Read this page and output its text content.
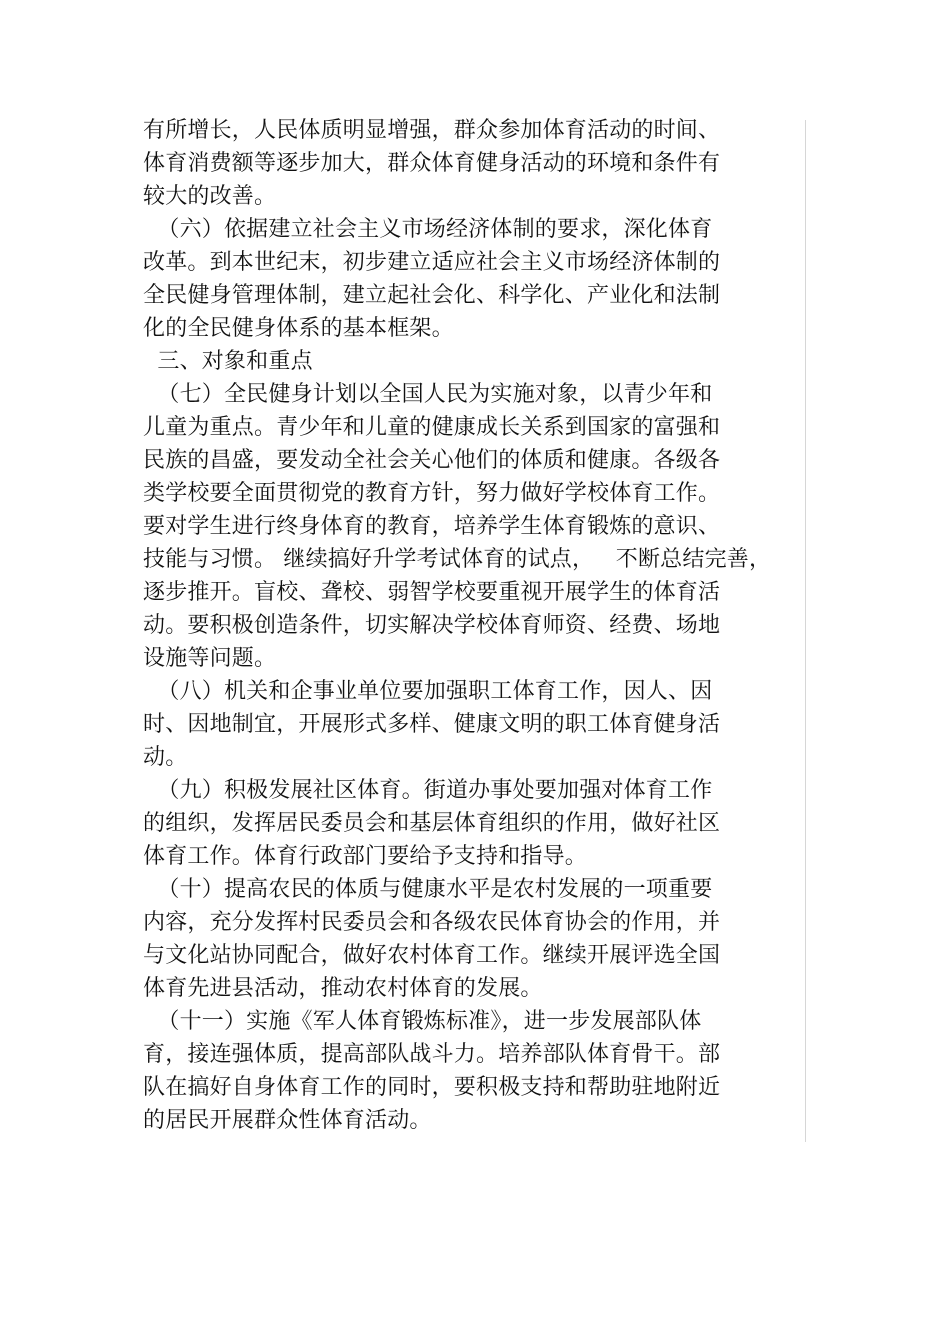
有所增长，人民体质明显增强，群众参加体育活动的时间、
体育消费额等逐步加大，群众体育健身活动的环境和条件有
较大的改善。
（六）依据建立社会主义市场经济体制的要求，深化体育
改革。到本世纪末，初步建立适应社会主义市场经济体制的
全民健身管理体制，建立起社会化、科学化、产业化和法制
化的全民健身体系的基本框架。
三、对象和重点
（七）全民健身计划以全国人民为实施对象，以青少年和
儿童为重点。青少年和儿童的健康成长关系到国家的富强和
民族的昌盛，要发动全社会关心他们的体质和健康。各级各
类学校要全面贯彻党的教育方针，努力做好学校体育工作。
要对学生进行终身体育的教育，培养学生体育锻炼的意识、
技能与习惯。 继续搞好升学考试体育的试点，   不断总结完善，
逐步推开。盲校、聋校、弱智学校要重视开展学生的体育活
动。要积极创造条件，切实解决学校体育师资、经费、场地
设施等问题。
（八）机关和企事业单位要加强职工体育工作，因人、因
时、因地制宜，开展形式多样、健康文明的职工体育健身活
动。
（九）积极发展社区体育。街道办事处要加强对体育工作
的组织，发挥居民委员会和基层体育组织的作用，做好社区
体育工作。体育行政部门要给予支持和指导。
（十）提高农民的体质与健康水平是农村发展的一项重要
内容，充分发挥村民委员会和各级农民体育协会的作用，并
与文化站协同配合，做好农村体育工作。继续开展评选全国
体育先进县活动，推动农村体育的发展。
（十一）实施《军人体育锻炼标准》，进一步发展部队体
育，接连强体质，提高部队战斗力。培养部队体育骨干。部
队在搞好自身体育工作的同时，要积极支持和帮助驻地附近
的居民开展群众性体育活动。
